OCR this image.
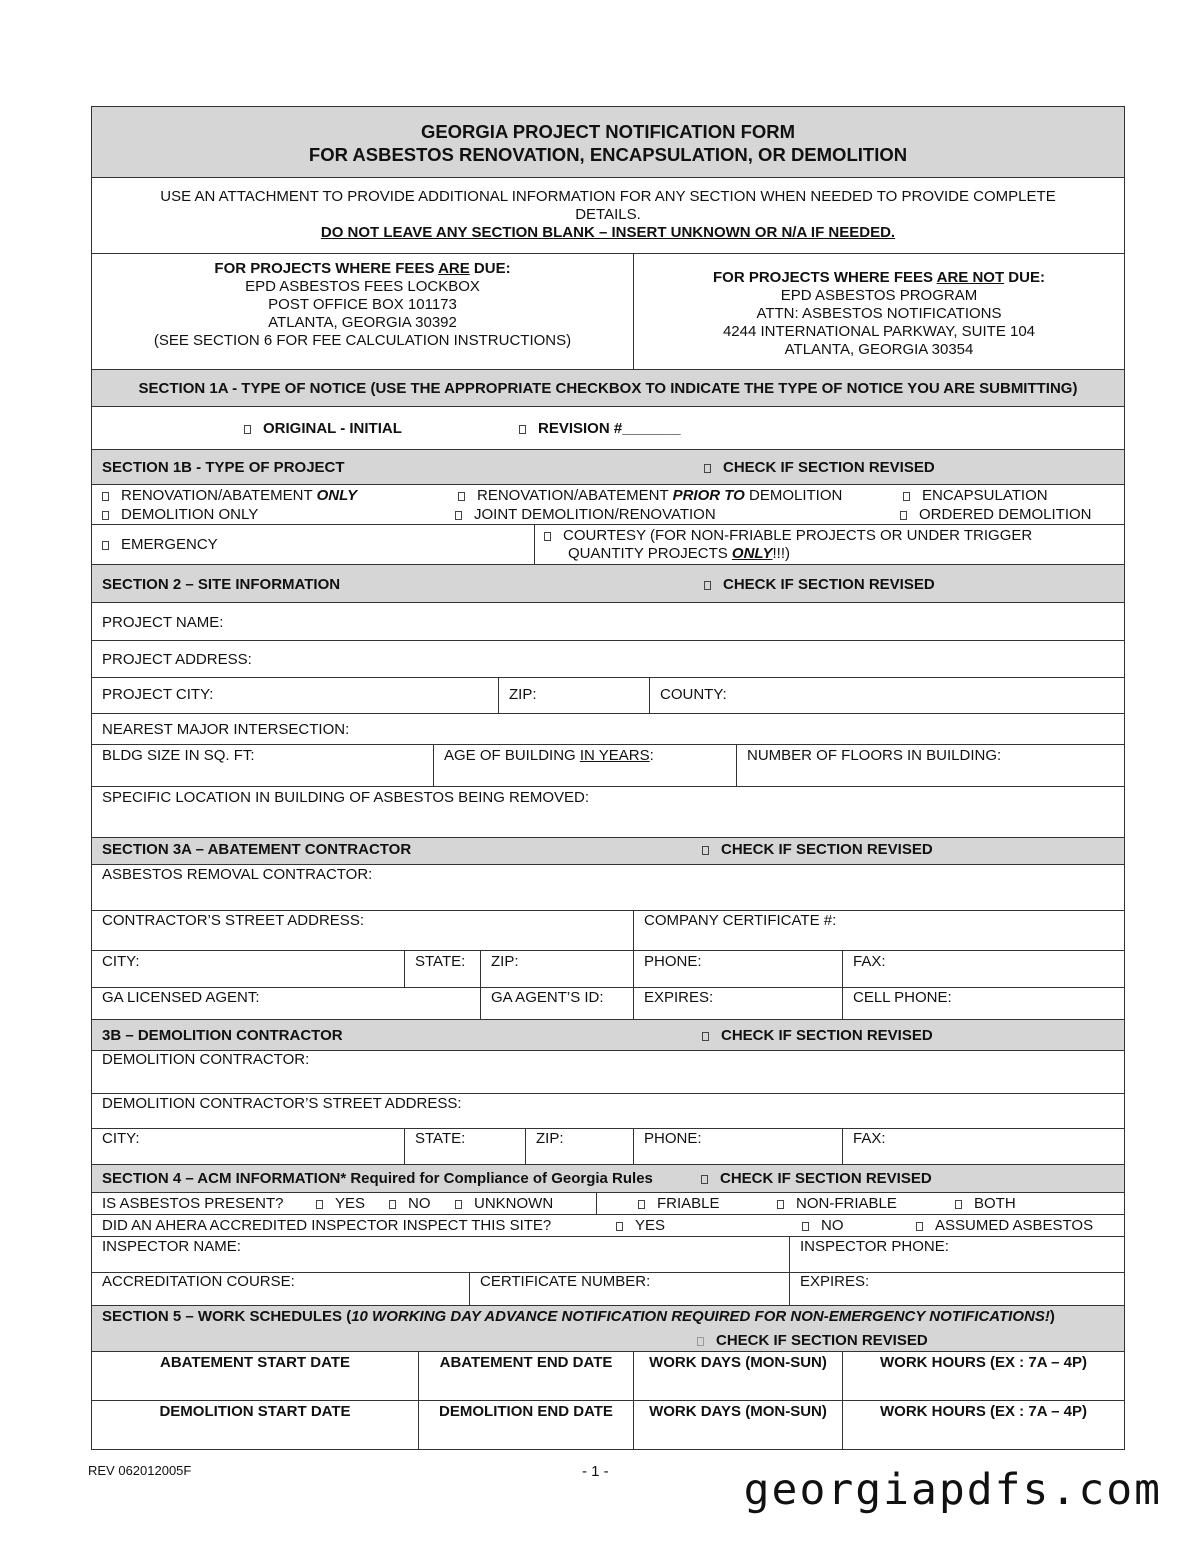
GEORGIA PROJECT NOTIFICATION FORM
FOR ASBESTOS RENOVATION, ENCAPSULATION, OR DEMOLITION
USE AN ATTACHMENT TO PROVIDE ADDITIONAL INFORMATION FOR ANY SECTION WHEN NEEDED TO PROVIDE COMPLETE DETAILS.
DO NOT LEAVE ANY SECTION BLANK – INSERT UNKNOWN OR N/A IF NEEDED.
FOR PROJECTS WHERE FEES ARE DUE:
EPD ASBESTOS FEES LOCKBOX
POST OFFICE BOX 101173
ATLANTA, GEORGIA 30392
(SEE SECTION 6 FOR FEE CALCULATION INSTRUCTIONS)
FOR PROJECTS WHERE FEES ARE NOT DUE:
EPD ASBESTOS PROGRAM
ATTN: ASBESTOS NOTIFICATIONS
4244 INTERNATIONAL PARKWAY, SUITE 104
ATLANTA, GEORGIA 30354
SECTION 1A - TYPE OF NOTICE (USE THE APPROPRIATE CHECKBOX TO INDICATE THE TYPE OF NOTICE YOU ARE SUBMITTING)
ORIGINAL - INITIAL	REVISION #_______
SECTION 1B - TYPE OF PROJECT	CHECK IF SECTION REVISED
RENOVATION/ABATEMENT ONLY	RENOVATION/ABATEMENT PRIOR TO DEMOLITION	ENCAPSULATION
DEMOLITION ONLY	JOINT DEMOLITION/RENOVATION	ORDERED DEMOLITION
EMERGENCY
COURTESY (FOR NON-FRIABLE PROJECTS OR UNDER TRIGGER
QUANTITY PROJECTS ONLY!!!)
SECTION 2 – SITE INFORMATION	CHECK IF SECTION REVISED
PROJECT NAME:
PROJECT ADDRESS:
PROJECT CITY:	ZIP:	COUNTY:
NEAREST MAJOR INTERSECTION:
BLDG SIZE IN SQ. FT:	AGE OF BUILDING IN YEARS:	NUMBER OF FLOORS IN BUILDING:
SPECIFIC LOCATION IN BUILDING OF ASBESTOS BEING REMOVED:
SECTION 3A – ABATEMENT CONTRACTOR	CHECK IF SECTION REVISED
ASBESTOS REMOVAL CONTRACTOR:
CONTRACTOR’S STREET ADDRESS:	COMPANY CERTIFICATE #:
CITY:	STATE:	ZIP:	PHONE:	FAX:
GA LICENSED AGENT:	GA AGENT’S ID:	EXPIRES:	CELL PHONE:
3B – DEMOLITION CONTRACTOR	CHECK IF SECTION REVISED
DEMOLITION CONTRACTOR:
DEMOLITION CONTRACTOR’S STREET ADDRESS:
CITY:	STATE:	ZIP:	PHONE:	FAX:
SECTION 4 – ACM INFORMATION* Required for Compliance of Georgia Rules	CHECK IF SECTION REVISED
IS ASBESTOS PRESENT?	YES	NO	UNKNOWN	FRIABLE	NON-FRIABLE	BOTH
DID AN AHERA ACCREDITED INSPECTOR INSPECT THIS SITE?	YES	NO	ASSUMED ASBESTOS
INSPECTOR NAME:	INSPECTOR PHONE:
ACCREDITATION COURSE:	CERTIFICATE NUMBER:	EXPIRES:
SECTION 5 – WORK SCHEDULES (10 WORKING DAY ADVANCE NOTIFICATION REQUIRED FOR NON-EMERGENCY NOTIFICATIONS!)
CHECK IF SECTION REVISED
ABATEMENT START DATE	ABATEMENT END DATE	WORK DAYS (MON-SUN)	WORK HOURS (EX : 7A – 4P)
DEMOLITION START DATE	DEMOLITION END DATE	WORK DAYS (MON-SUN)	WORK HOURS (EX : 7A – 4P)
REV 062012005F	- 1 -	georgiapdfs.com
